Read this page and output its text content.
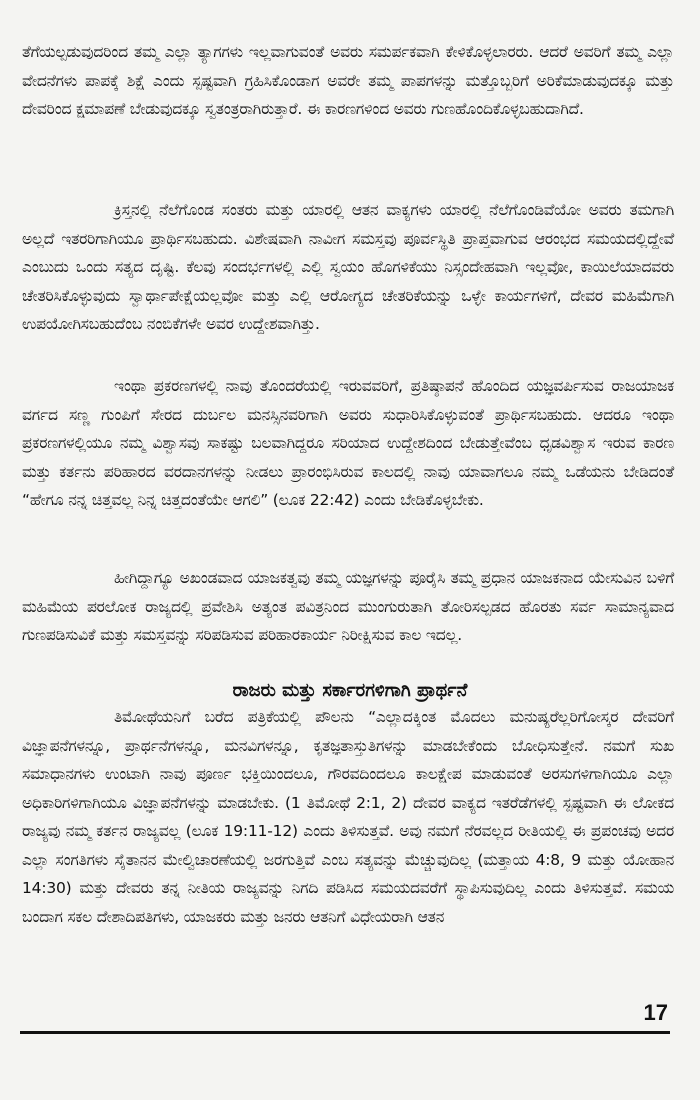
ತೆಗೆಯಲ್ಪಡುವುದರಿಂದ ತಮ್ಮ ಎಲ್ಲಾ ತ್ಯಾಗಗಳು ಇಲ್ಲವಾಗುವಂತೆ ಅವರು ಸಮರ್ಪಕವಾಗಿ ಕೇಳಿಕೊಳ್ಳಲಾರರು. ಆದರೆ ಅವರಿಗೆ ತಮ್ಮ ಎಲ್ಲಾ ವೇದನೆಗಳು ಪಾಪಕ್ಕೆ ಶಿಕ್ಷೆ ಎಂದು ಸ್ಪಷ್ಟವಾಗಿ ಗ್ರಹಿಸಿಕೊಂಡಾಗ ಅವರೇ ತಮ್ಮ ಪಾಪಗಳನ್ನು ಮತ್ತೊಬ್ಬರಿಗೆ ಅರಿಕೆಮಾಡುವುದಕ್ಕೂ ಮತ್ತು ದೇವರಿಂದ ಕ್ಷಮಾಪಣೆ ಬೇಡುವುದಕ್ಕೂ ಸ್ವತಂತ್ರರಾಗಿರುತ್ತಾರೆ. ಈ ಕಾರಣಗಳಿಂದ ಅವರು ಗುಣಹೊಂದಿಕೊಳ್ಳಬಹುದಾಗಿದೆ.

ಕ್ರಿಸ್ತನಲ್ಲಿ ನೆಲೆಗೊಂಡ ಸಂತರು ಮತ್ತು ಯಾರಲ್ಲಿ ಆತನ ವಾಕ್ಯಗಳು ಯಾರಲ್ಲಿ ನೆಲೆಗೊಂಡಿವೆಯೋ ಅವರು ತಮಗಾಗಿ ಅಲ್ಲದೆ ಇತರರಿಗಾಗಿಯೂ ಪ್ರಾರ್ಥಿಸಬಹುದು. ವಿಶೇಷವಾಗಿ ನಾವೀಗ ಸಮಸ್ತವು ಪೂರ್ವಸ್ಥಿತಿ ಪ್ರಾಪ್ತವಾಗುವ ಆರಂಭದ ಸಮಯದಲ್ಲಿದ್ದೇವೆ ಎಂಬುದು ಒಂದು ಸತ್ಯದ ದೃಷ್ಟಿ. ಕೆಲವು ಸಂದರ್ಭಗಳಲ್ಲಿ ಎಲ್ಲಿ ಸ್ವಯಂ ಹೊಗಳಿಕೆಯು ನಿಸ್ಸಂದೇಹವಾಗಿ ಇಲ್ಲವೋ, ಕಾಯಿಲೆಯಾದವರು ಚೇತರಿಸಿಕೊಳ್ಳುವುದು ಸ್ವಾರ್ಥಾಪೇಕ್ಷೆಯಲ್ಲವೋ ಮತ್ತು ಎಲ್ಲಿ ಆರೋಗ್ಯದ ಚೇತರಿಕೆಯನ್ನು ಒಳ್ಳೇ ಕಾರ್ಯಗಳಿಗೆ, ದೇವರ ಮಹಿಮೆಗಾಗಿ ಉಪಯೋಗಿಸಬಹುದೆಂಬ ನಂಬಿಕೆಗಳೇ ಅವರ ಉದ್ದೇಶವಾಗಿತ್ತು.

ಇಂಥಾ ಪ್ರಕರಣಗಳಲ್ಲಿ ನಾವು ತೊಂದರೆಯಲ್ಲಿ ಇರುವವರಿಗೆ, ಪ್ರತಿಷ್ಠಾಪನೆ ಹೊಂದಿದ ಯಜ್ಞವರ್ಪಿಸುವ ರಾಜಯಾಜಕ ವರ್ಗದ ಸಣ್ಣ ಗುಂಪಿಗೆ ಸೇರದ ದುರ್ಬಲ ಮನಸ್ಸಿನವರಿಗಾಗಿ ಅವರು ಸುಧಾರಿಸಿಕೊಳ್ಳುವಂತೆ ಪ್ರಾರ್ಥಿಸಬಹುದು. ಆದರೂ ಇಂಥಾ ಪ್ರಕರಣಗಳಲ್ಲಿಯೂ ನಮ್ಮ ವಿಶ್ವಾಸವು ಸಾಕಷ್ಟು ಬಲವಾಗಿದ್ದರೂ ಸರಿಯಾದ ಉದ್ದೇಶದಿಂದ ಬೇಡುತ್ತೇವೆಂಬ ಧೃಡವಿಶ್ವಾಸ ಇರುವ ಕಾರಣ ಮತ್ತು ಕರ್ತನು ಪರಿಹಾರದ ವರದಾನಗಳನ್ನು ನೀಡಲು ಪ್ರಾರಂಭಿಸಿರುವ ಕಾಲದಲ್ಲಿ ನಾವು ಯಾವಾಗಲೂ ನಮ್ಮ ಒಡೆಯನು ಬೇಡಿದಂತೆ “ಹೇಗೂ ನನ್ನ ಚಿತ್ತವಲ್ಲ ನಿನ್ನ ಚಿತ್ತದಂತೆಯೇ ಆಗಲಿ” (ಲೂಕ 22:42) ಎಂದು ಬೇಡಿಕೊಳ್ಳಬೇಕು.

ಹೀಗಿದ್ದಾಗ್ಯೂ ಅಖಂಡವಾದ ಯಾಜಕತ್ವವು ತಮ್ಮ ಯಜ್ಞಗಳನ್ನು ಪೂರೈಸಿ ತಮ್ಮ ಪ್ರಧಾನ ಯಾಜಕನಾದ ಯೇಸುವಿನ ಬಳಿಗೆ ಮಹಿಮೆಯ ಪರಲೋಕ ರಾಜ್ಯದಲ್ಲಿ ಪ್ರವೇಶಿಸಿ ಅತ್ಯಂತ ಪವಿತ್ರನಿಂದ ಮುಂಗುರುತಾಗಿ ತೋರಿಸಲ್ಪಡದ ಹೊರತು ಸರ್ವ ಸಾಮಾನ್ಯವಾದ ಗುಣಪಡಿಸುವಿಕೆ ಮತ್ತು ಸಮಸ್ತವನ್ನು ಸರಿಪಡಿಸುವ ಪರಿಹಾರಕಾರ್ಯ ನಿರೀಕ್ಷಿಸುವ ಕಾಲ ಇದಲ್ಲ.

ರಾಜರು ಮತ್ತು ಸರ್ಕಾರಗಳಿಗಾಗಿ ಪ್ರಾರ್ಥನೆ

ತಿಮೋಥೆಯನಿಗೆ ಬರೆದ ಪತ್ರಿಕೆಯಲ್ಲಿ ಪೌಲನು “ಎಲ್ಲಾದಕ್ಕಿಂತ ಮೊದಲು ಮನುಷ್ಯರೆಲ್ಲರಿಗೋಸ್ಕರ ದೇವರಿಗೆ ವಿಜ್ಞಾಪನೆಗಳನ್ನೂ, ಪ್ರಾರ್ಥನೆಗಳನ್ನೂ, ಮನವಿಗಳನ್ನೂ, ಕೃತಜ್ಞತಾಸ್ತುತಿಗಳನ್ನು ಮಾಡಬೇಕೆಂದು ಬೋಧಿಸುತ್ತೇನೆ. ನಮಗೆ ಸುಖ ಸಮಾಧಾನಗಳು ಉಂಟಾಗಿ ನಾವು ಪೂರ್ಣ ಭಕ್ತಿಯಿಂದಲೂ, ಗೌರವದಿಂದಲೂ ಕಾಲಕ್ಷೇಪ ಮಾಡುವಂತೆ ಅರಸುಗಳಿಗಾಗಿಯೂ ಎಲ್ಲಾ ಅಧಿಕಾರಿಗಳಿಗಾಗಿಯೂ ವಿಜ್ಞಾಪನೆಗಳನ್ನು ಮಾಡಬೇಕು. (1 ತಿಮೋಥೆ 2:1, 2) ದೇವರ ವಾಕ್ಯದ ಇತರೆಡೆಗಳಲ್ಲಿ ಸ್ಪಷ್ಟವಾಗಿ ಈ ಲೋಕದ ರಾಜ್ಯವು ನಮ್ಮ ಕರ್ತನ ರಾಜ್ಯವಲ್ಲ (ಲೂಕ 19:11-12) ಎಂದು ತಿಳಿಸುತ್ತವೆ. ಅವು ನಮಗೆ ನೆರವಲ್ಲದ ರೀತಿಯಲ್ಲಿ ಈ ಪ್ರಪಂಚವು ಅದರ ಎಲ್ಲಾ ಸಂಗತಿಗಳು ಸೈತಾನನ ಮೇಲ್ವಿಚಾರಣೆಯಲ್ಲಿ ಜರಗುತ್ತಿವೆ ಎಂಬ ಸತ್ಯವನ್ನು ಮೆಚ್ಚುವುದಿಲ್ಲ (ಮತ್ತಾಯ 4:8, 9 ಮತ್ತು ಯೋಹಾನ 14:30) ಮತ್ತು ದೇವರು ತನ್ನ ನೀತಿಯ ರಾಜ್ಯವನ್ನು ನಿಗದಿ ಪಡಿಸಿದ ಸಮಯದವರೆಗೆ ಸ್ಥಾಪಿಸುವುದಿಲ್ಲ ಎಂದು ತಿಳಿಸುತ್ತವೆ. ಸಮಯ ಬಂದಾಗ ಸಕಲ ದೇಶಾದಿಪತಿಗಳು, ಯಾಜಕರು ಮತ್ತು ಜನರು ಆತನಿಗೆ ವಿಧೇಯರಾಗಿ ಆತನ

17
